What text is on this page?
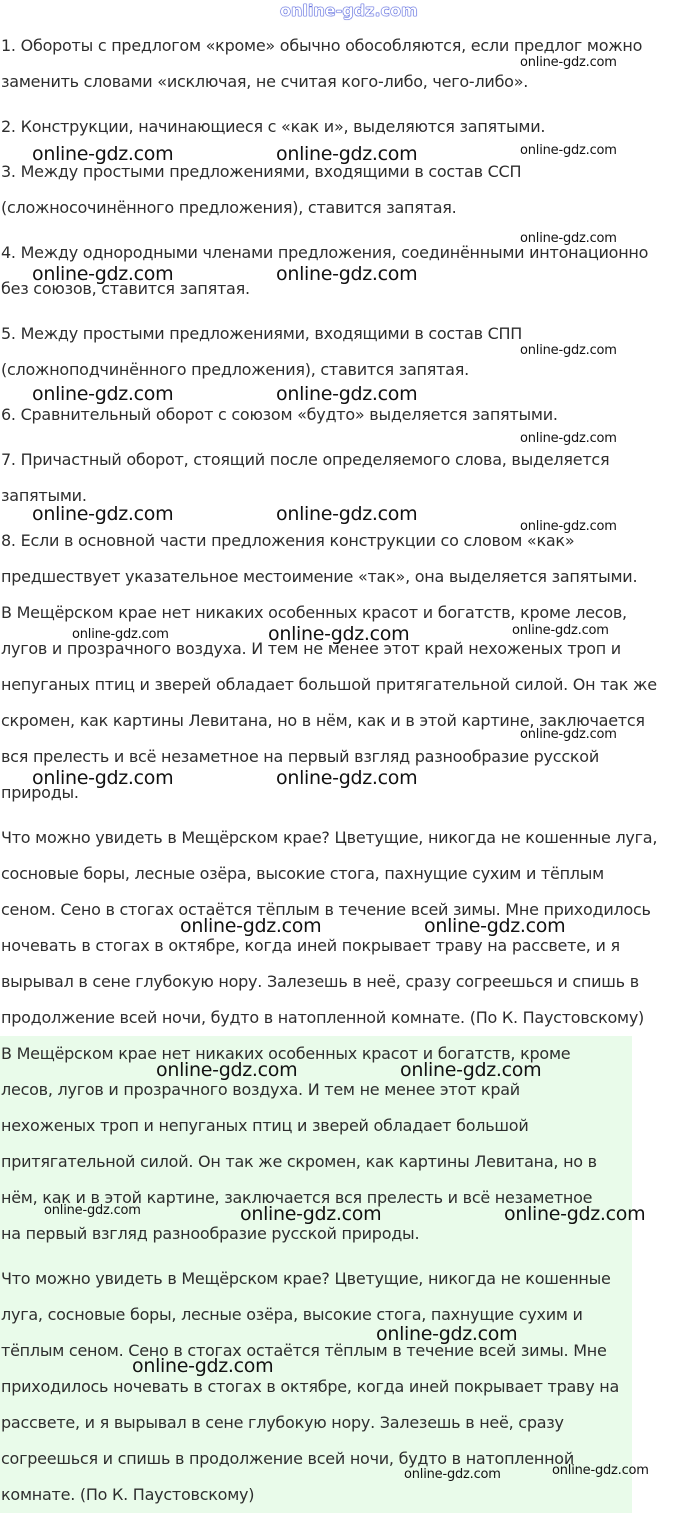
online-gdz.com
1. Обороты с предлогом «кроме» обычно обособляются, если предлог можно
заменить словами «исключая, не считая кого-либо, чего-либо».
2. Конструкции, начинающиеся с «как и», выделяются запятыми.
3. Между простыми предложениями, входящими в состав ССП
(сложносочинённого предложения), ставится запятая.
4. Между однородными членами предложения, соединёнными интонационно
без союзов, ставится запятая.
5. Между простыми предложениями, входящими в состав СПП
(сложноподчинённого предложения), ставится запятая.
6. Сравнительный оборот с союзом «будто» выделяется запятыми.
7. Причастный оборот, стоящий после определяемого слова, выделяется
запятыми.
8. Если в основной части предложения конструкции со словом «как»
предшествует указательное местоимение «так», она выделяется запятыми.
В Мещёрском крае нет никаких особенных красот и богатств, кроме лесов,
лугов и прозрачного воздуха. И тем не менее этот край нехоженых троп и
непуганых птиц и зверей обладает большой притягательной силой. Он так же
скромен, как картины Левитана, но в нём, как и в этой картине, заключается
вся прелесть и всё незаметное на первый взгляд разнообразие русской
природы.
Что можно увидеть в Мещёрском крае? Цветущие, никогда не кошенные луга,
сосновые боры, лесные озёра, высокие стога, пахнущие сухим и тёплым
сеном. Сено в стогах остаётся тёплым в течение всей зимы. Мне приходилось
ночевать в стогах в октябре, когда иней покрывает траву на рассвете, и я
вырывал в сене глубокую нору. Залезешь в неё, сразу согреешься и спишь в
продолжение всей ночи, будто в натопленной комнате. (По К. Паустовскому)
В Мещёрском крае нет никаких особенных красот и богатств, кроме
лесов, лугов и прозрачного воздуха. И тем не менее этот край
нехоженых троп и непуганых птиц и зверей обладает большой
притягательной силой. Он так же скромен, как картины Левитана, но в
нём, как и в этой картине, заключается вся прелесть и всё незаметное
на первый взгляд разнообразие русской природы.
Что можно увидеть в Мещёрском крае? Цветущие, никогда не кошенные
луга, сосновые боры, лесные озёра, высокие стога, пахнущие сухим и
тёплым сеном. Сено в стогах остаётся тёплым в течение всей зимы. Мне
приходилось ночевать в стогах в октябре, когда иней покрывает траву на
рассвете, и я вырывал в сене глубокую нору. Залезешь в неё, сразу
согреешься и спишь в продолжение всей ночи, будто в натопленной
комнате. (По К. Паустовскому)
online-gdz.com
online-gdz.com	online-gdz.com	online-gdz.com
online-gdz.com
online-gdz.com	online-gdz.com
online-gdz.com
online-gdz.com	online-gdz.com
online-gdz.com
online-gdz.com	online-gdz.com
online-gdz.com
online-gdz.com	online-gdz.com	online-gdz.com
online-gdz.com
online-gdz.com	online-gdz.com
online-gdz.com	online-gdz.com
online-gdz.com	online-gdz.com
online-gdz.com	online-gdz.com	online-gdz.com
online-gdz.com
online-gdz.com
online-gdz.com	online-gdz.com
